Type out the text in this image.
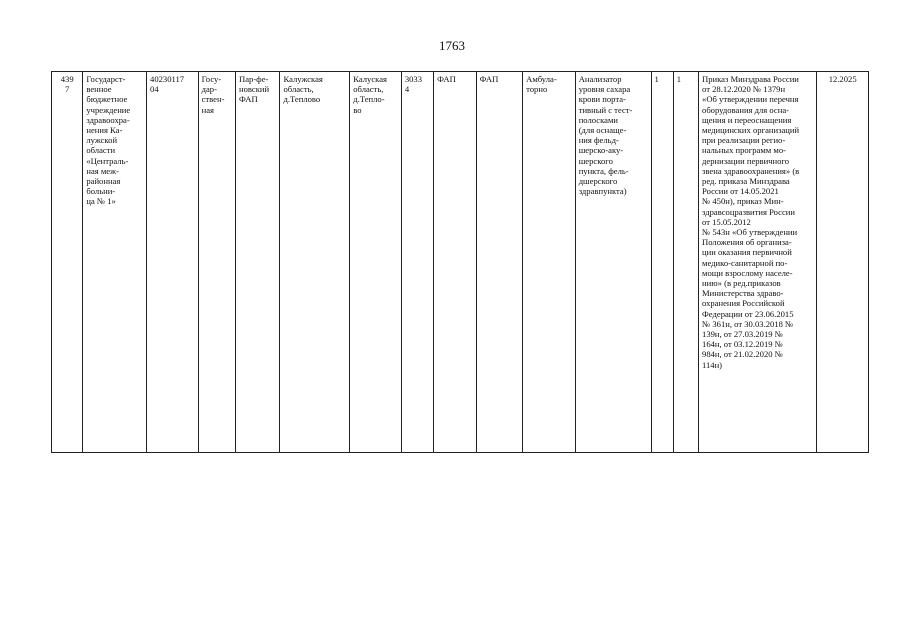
1763
439
7	Государст-
венное
бюджетное
учреждение
здравоохра-
нения Ка-
лужской
области
«Централь-
ная меж-
районная
больни-
ца № 1»	40230117
04	Госу-
дар-
ствен-
ная	Пар-фе-
новский
ФАП	Калужская
область,
д.Теплово	Калуская
область,
д.Тепло-
во	3033
4	ФАП	ФАП	Амбула-
торно	Анализатор
уровня сахара
крови порта-
тивный с тест-
полосками
(для оснаще-
ния фельд-
шерско-аку-
шерского
пункта, фель-
дшерского
здравпункта)	1	1	Приказ Минздрава России
от 28.12.2020 № 1379н
«Об утверждении перечня
оборудования для осна-
щения и переоснащения
медицинских организаций
при реализации регио-
нальных программ мо-
дернизации первичного
звена здравоохранения» (в
ред. приказа Минздрава
России от 14.05.2021
№ 450н), приказ Мин-
здравсоцразвития России
от 15.05.2012
№ 543н «Об утверждении
Положения об организа-
ции оказания первичной
медико-санитарной по-
мощи взрослому населе-
нию» (в ред.приказов
Министерства здраво-
охранения Российской
Федерации от 23.06.2015
№ 361н, от 30.03.2018 №
139н, от 27.03.2019 №
164н, от 03.12.2019 №
984н, от 21.02.2020 №
114н)	12.2025
